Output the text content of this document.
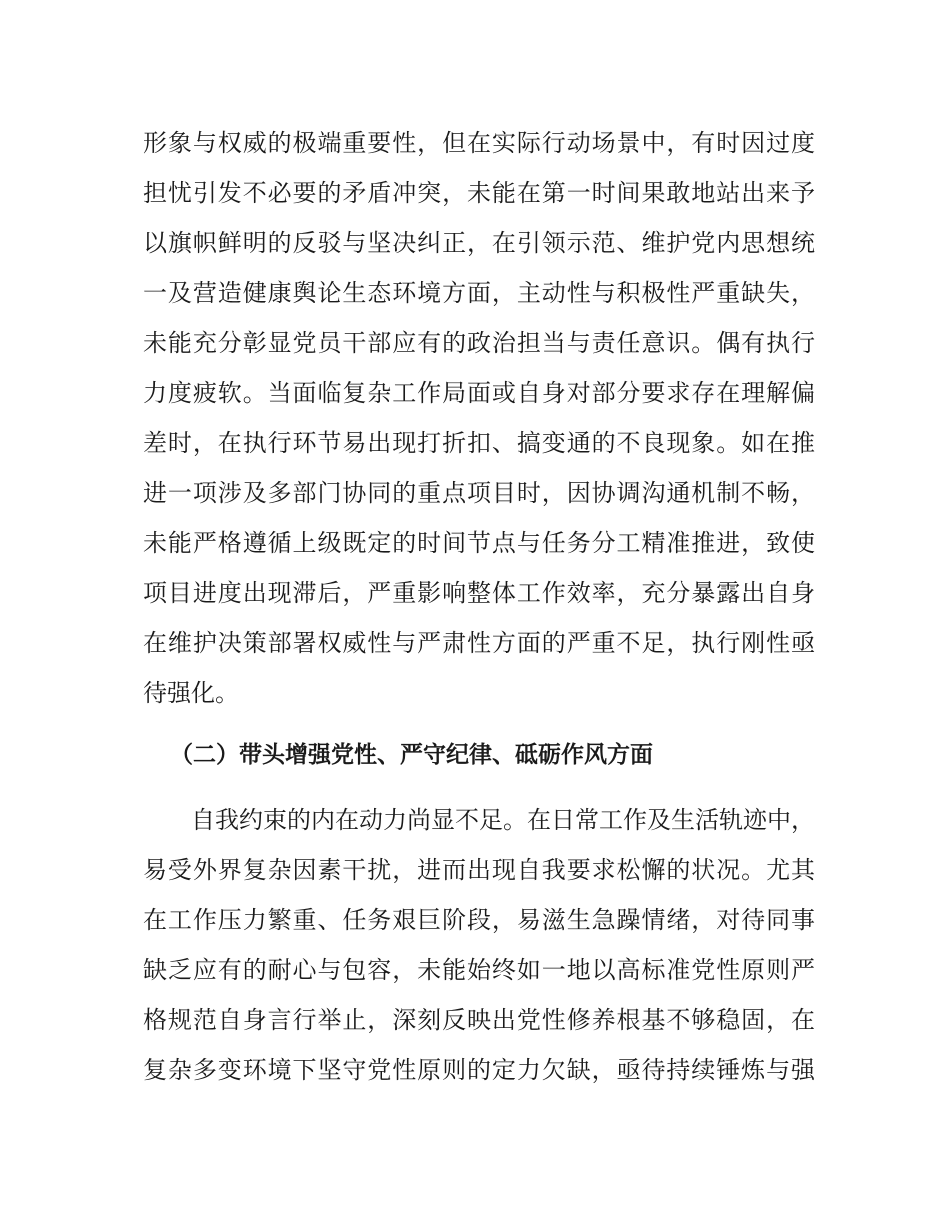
形象与权威的极端重要性，但在实际行动场景中，有时因过度
担忧引发不必要的矛盾冲突，未能在第一时间果敢地站出来予
以旗帜鲜明的反驳与坚决纠正，在引领示范、维护党内思想统
一及营造健康舆论生态环境方面，主动性与积极性严重缺失，
未能充分彰显党员干部应有的政治担当与责任意识。偶有执行
力度疲软。当面临复杂工作局面或自身对部分要求存在理解偏
差时，在执行环节易出现打折扣、搞变通的不良现象。如在推
进一项涉及多部门协同的重点项目时，因协调沟通机制不畅，
未能严格遵循上级既定的时间节点与任务分工精准推进，致使
项目进度出现滞后，严重影响整体工作效率，充分暴露出自身
在维护决策部署权威性与严肃性方面的严重不足，执行刚性亟
待强化。
（二）带头增强党性、严守纪律、砥砺作风方面
自我约束的内在动力尚显不足。在日常工作及生活轨迹中，
易受外界复杂因素干扰，进而出现自我要求松懈的状况。尤其
在工作压力繁重、任务艰巨阶段，易滋生急躁情绪，对待同事
缺乏应有的耐心与包容，未能始终如一地以高标准党性原则严
格规范自身言行举止，深刻反映出党性修养根基不够稳固，在
复杂多变环境下坚守党性原则的定力欠缺，亟待持续锤炼与强
